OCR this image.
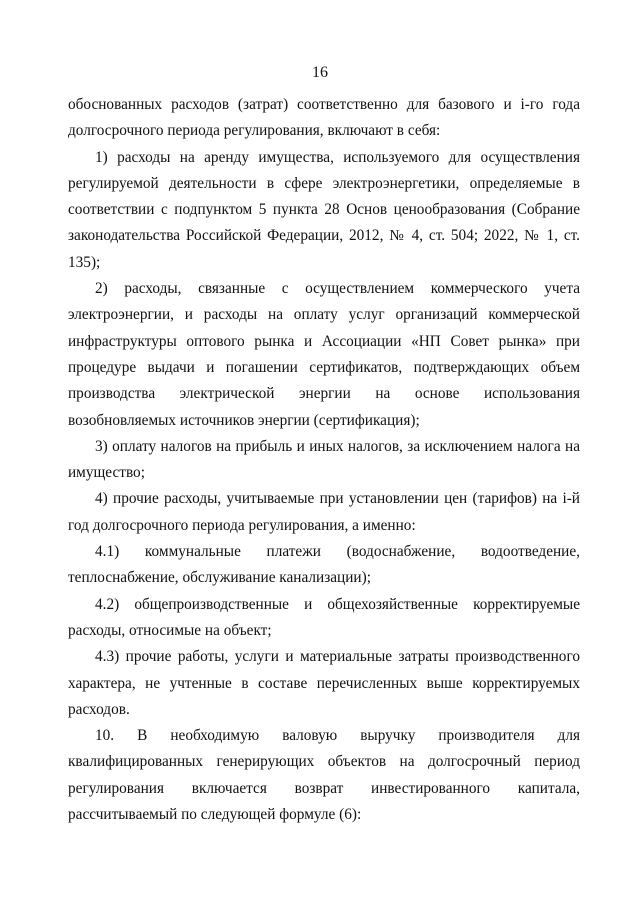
16

обоснованных расходов (затрат) соответственно для базового и i-го года долгосрочного периода регулирования, включают в себя:

1) расходы на аренду имущества, используемого для осуществления регулируемой деятельности в сфере электроэнергетики, определяемые в соответствии с подпунктом 5 пункта 28 Основ ценообразования (Собрание законодательства Российской Федерации, 2012, № 4, ст. 504; 2022, № 1, ст. 135);

2) расходы, связанные с осуществлением коммерческого учета электроэнергии, и расходы на оплату услуг организаций коммерческой инфраструктуры оптового рынка и Ассоциации «НП Совет рынка» при процедуре выдачи и погашении сертификатов, подтверждающих объем производства электрической энергии на основе использования возобновляемых источников энергии (сертификация);

3) оплату налогов на прибыль и иных налогов, за исключением налога на имущество;

4) прочие расходы, учитываемые при установлении цен (тарифов) на i-й год долгосрочного периода регулирования, а именно:

4.1) коммунальные платежи (водоснабжение, водоотведение, теплоснабжение, обслуживание канализации);

4.2) общепроизводственные и общехозяйственные корректируемые расходы, относимые на объект;

4.3) прочие работы, услуги и материальные затраты производственного характера, не учтенные в составе перечисленных выше корректируемых расходов.

10. В необходимую валовую выручку производителя для квалифицированных генерирующих объектов на долгосрочный период регулирования включается возврат инвестированного капитала, рассчитываемый по следующей формуле (6):
